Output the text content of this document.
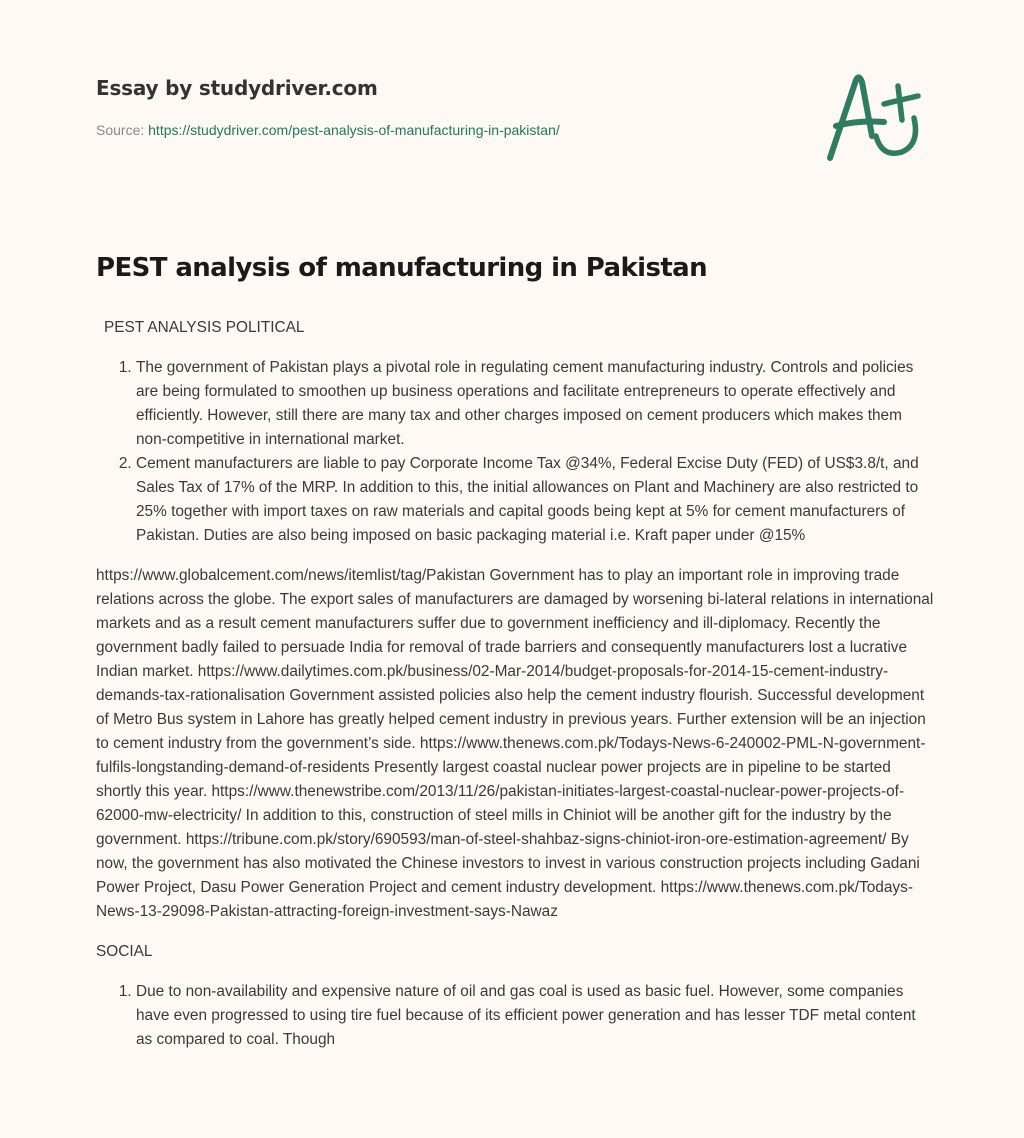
Essay by studydriver.com
Source: https://studydriver.com/pest-analysis-of-manufacturing-in-pakistan/
PEST analysis of manufacturing in Pakistan

PEST ANALYSIS POLITICAL

1. The government of Pakistan plays a pivotal role in regulating cement manufacturing industry. Controls and policies are being formulated to smoothen up business operations and facilitate entrepreneurs to operate effectively and efficiently. However, still there are many tax and other charges imposed on cement producers which makes them non-competitive in international market.
2. Cement manufacturers are liable to pay Corporate Income Tax @34%, Federal Excise Duty (FED) of US$3.8/t, and Sales Tax of 17% of the MRP. In addition to this, the initial allowances on Plant and Machinery are also restricted to 25% together with import taxes on raw materials and capital goods being kept at 5% for cement manufacturers of Pakistan. Duties are also being imposed on basic packaging material i.e. Kraft paper under @15%

https://www.globalcement.com/news/itemlist/tag/Pakistan Government has to play an important role in improving trade relations across the globe. The export sales of manufacturers are damaged by worsening bi-lateral relations in international markets and as a result cement manufacturers suffer due to government inefficiency and ill-diplomacy. Recently the government badly failed to persuade India for removal of trade barriers and consequently manufacturers lost a lucrative Indian market. https://www.dailytimes.com.pk/business/02-Mar-2014/budget-proposals-for-2014-15-cement-industry-demands-tax-rationalisation Government assisted policies also help the cement industry flourish. Successful development of Metro Bus system in Lahore has greatly helped cement industry in previous years. Further extension will be an injection to cement industry from the government’s side. https://www.thenews.com.pk/Todays-News-6-240002-PML-N-government-fulfils-longstanding-demand-of-residents Presently largest coastal nuclear power projects are in pipeline to be started shortly this year. https://www.thenewstribe.com/2013/11/26/pakistan-initiates-largest-coastal-nuclear-power-projects-of-62000-mw-electricity/ In addition to this, construction of steel mills in Chiniot will be another gift for the industry by the government. https://tribune.com.pk/story/690593/man-of-steel-shahbaz-signs-chiniot-iron-ore-estimation-agreement/ By now, the government has also motivated the Chinese investors to invest in various construction projects including Gadani Power Project, Dasu Power Generation Project and cement industry development. https://www.thenews.com.pk/Todays-News-13-29098-Pakistan-attracting-foreign-investment-says-Nawaz

SOCIAL

1. Due to non-availability and expensive nature of oil and gas coal is used as basic fuel. However, some companies have even progressed to using tire fuel because of its efficient power generation and has lesser TDF metal content as compared to coal. Though
